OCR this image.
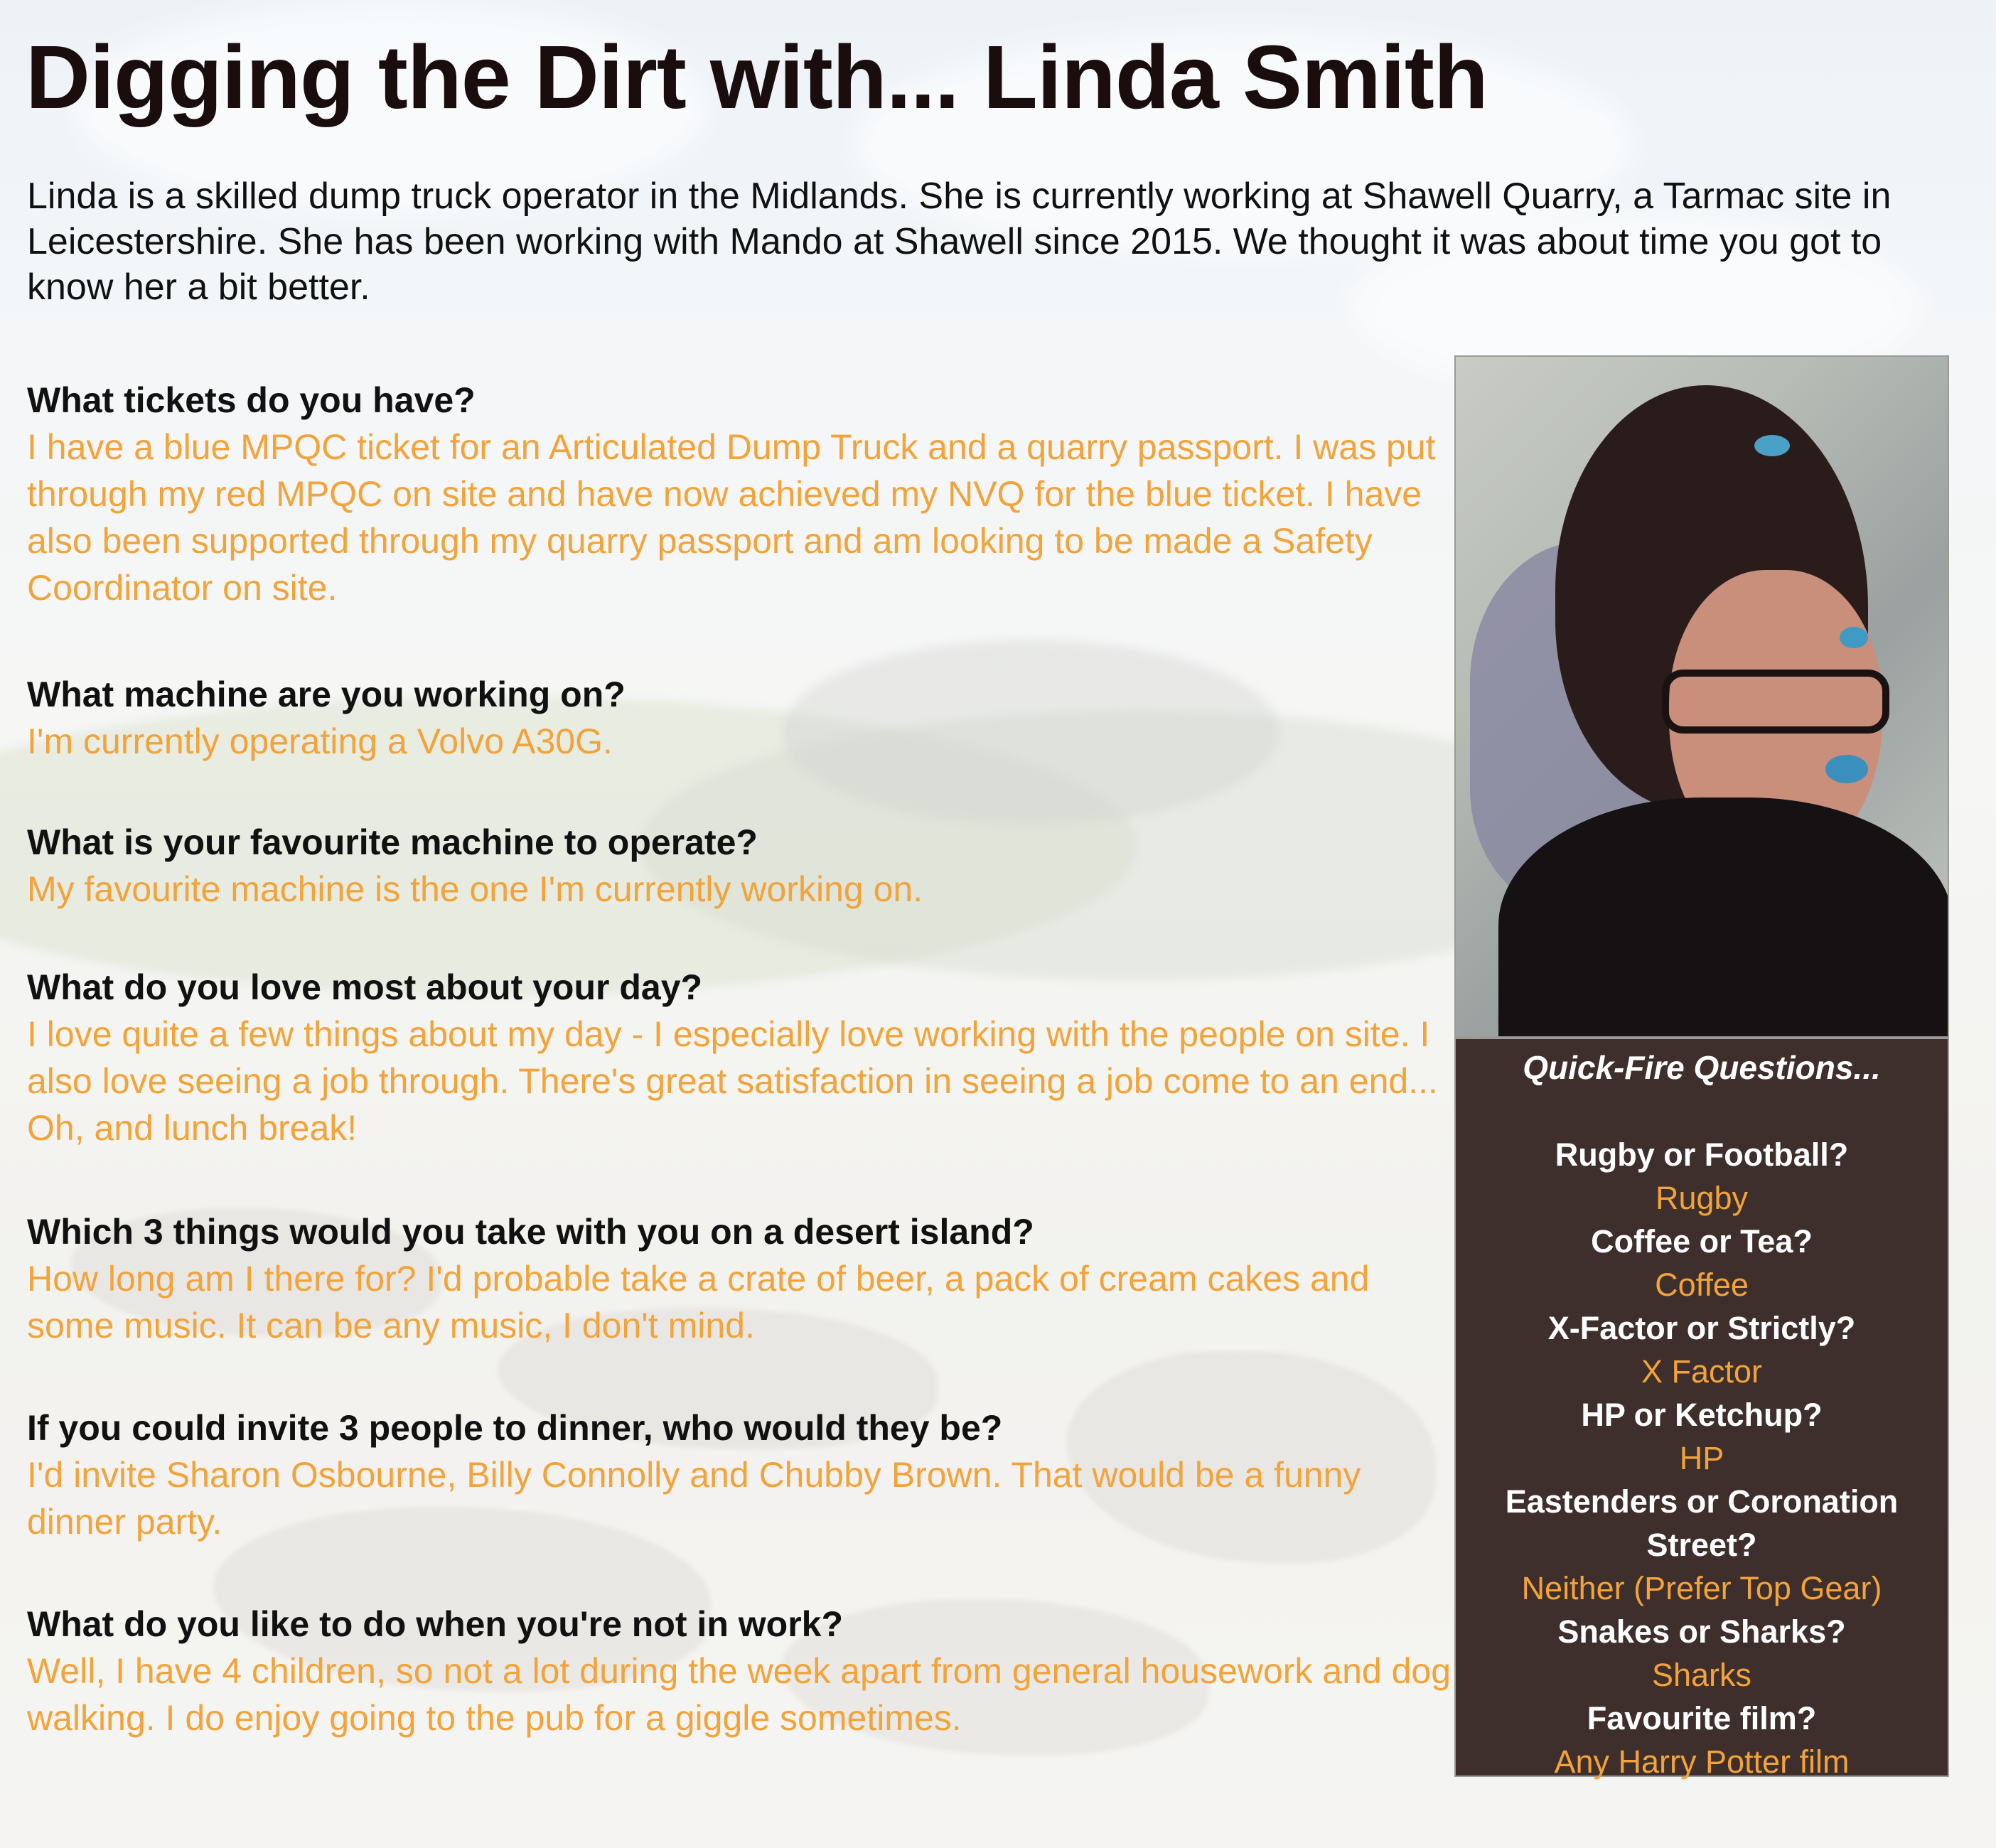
Digging the Dirt with... Linda Smith
Linda is a skilled dump truck operator in the Midlands. She is currently working at Shawell Quarry, a Tarmac site in Leicestershire. She has been working with Mando at Shawell since 2015. We thought it was about time you got to know her a bit better.
What tickets do you have?
I have a blue MPQC ticket for an Articulated Dump Truck and a quarry passport. I was put through my red MPQC on site and have now achieved my NVQ for the blue ticket. I have also been supported through my quarry passport and am looking to be made a Safety Coordinator on site.
What machine are you working on?
I'm currently operating a Volvo A30G.
What is your favourite machine to operate?
My favourite machine is the one I'm currently working on.
What do you love most about your day?
I love quite a few things about my day - I especially love working with the people on site. I also love seeing a job through. There's great satisfaction in seeing a job come to an end... Oh, and lunch break!
Which 3 things would you take with you on a desert island?
How long am I there for? I'd probable take a crate of beer, a pack of cream cakes and some music. It can be any music, I don't mind.
If you could invite 3 people to dinner, who would they be?
I'd invite Sharon Osbourne, Billy Connolly and Chubby Brown. That would be a funny dinner party.
What do you like to do when you're not in work?
Well, I have 4 children, so not a lot during the week apart from general housework and dog walking. I do enjoy going to the pub for a giggle sometimes.
Quick-Fire Questions...
Rugby or Football?
Rugby
Coffee or Tea?
Coffee
X-Factor or Strictly?
X Factor
HP or Ketchup?
HP
Eastenders or Coronation Street?
Neither (Prefer Top Gear)
Snakes or Sharks?
Sharks
Favourite film?
Any Harry Potter film
